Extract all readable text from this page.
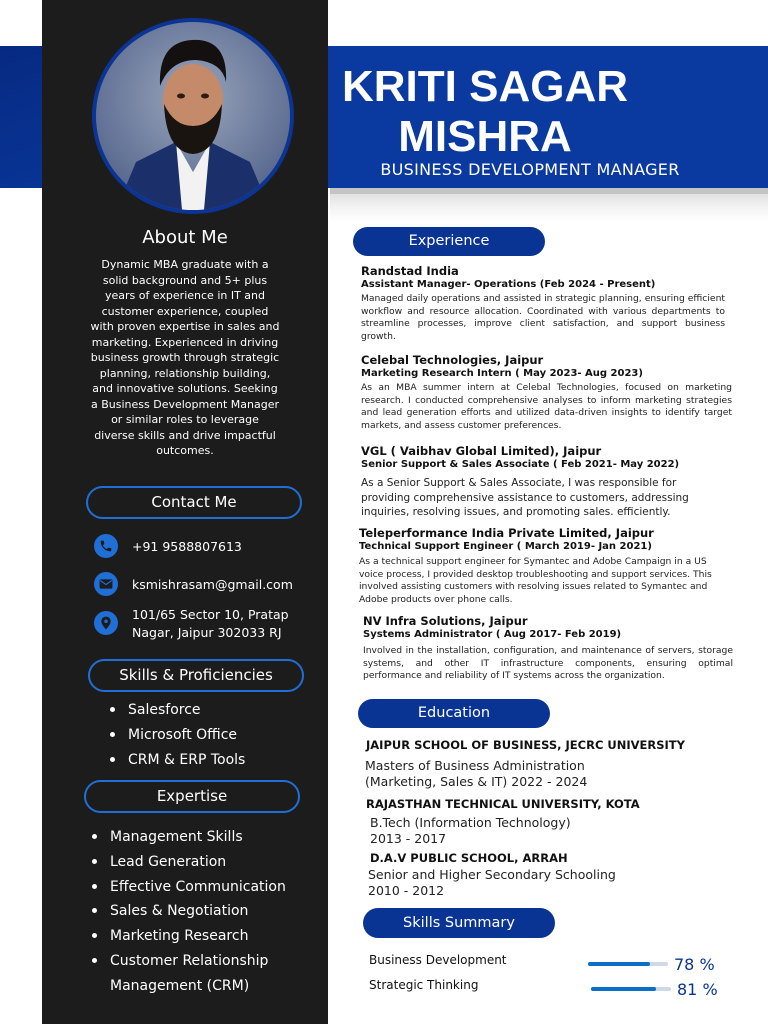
KRITI SAGAR MISHRA
BUSINESS DEVELOPMENT MANAGER
About Me
Dynamic MBA graduate with a solid background and 5+ plus years of experience in IT and customer experience, coupled with proven expertise in sales and marketing. Experienced in driving business growth through strategic planning, relationship building, and innovative solutions. Seeking a Business Development Manager or similar roles to leverage diverse skills and drive impactful outcomes.
Contact Me
+91 9588807613
ksmishrasam@gmail.com
101/65 Sector 10, Pratap
Nagar, Jaipur 302033 RJ
Skills & Proficiencies
Salesforce
Microsoft Office
CRM & ERP Tools
Expertise
Management Skills
Lead Generation
Effective Communication
Sales & Negotiation
Marketing Research
Customer Relationship
Management (CRM)
Experience
Randstad India
Assistant Manager- Operations (Feb 2024 - Present)
Managed daily operations and assisted in strategic planning, ensuring efficient workflow and resource allocation. Coordinated with various departments to streamline processes, improve client satisfaction, and support business growth.
Celebal Technologies, Jaipur
Marketing Research Intern ( May 2023- Aug 2023)
As an MBA summer intern at Celebal Technologies, focused on marketing research. I conducted comprehensive analyses to inform marketing strategies and lead generation efforts and utilized data-driven insights to identify target markets, and assess customer preferences.
VGL ( Vaibhav Global Limited), Jaipur
Senior Support & Sales Associate ( Feb 2021- May 2022)
As a Senior Support & Sales Associate, I was responsible for providing comprehensive assistance to customers, addressing inquiries, resolving issues, and promoting sales. efficiently.
Teleperformance India Private Limited, Jaipur
Technical Support Engineer ( March 2019- Jan 2021)
As a technical support engineer for Symantec and Adobe Campaign in a US voice process, I provided desktop troubleshooting and support services. This involved assisting customers with resolving issues related to Symantec and Adobe products over phone calls.
NV Infra Solutions, Jaipur
Systems Administrator ( Aug 2017- Feb 2019)
Involved in the installation, configuration, and maintenance of servers, storage systems, and other IT infrastructure components, ensuring optimal performance and reliability of IT systems across the organization.
Education
JAIPUR SCHOOL OF BUSINESS, JECRC UNIVERSITY
Masters of Business Administration
(Marketing, Sales & IT) 2022 - 2024
RAJASTHAN TECHNICAL UNIVERSITY, KOTA
B.Tech (Information Technology)
2013 - 2017
D.A.V PUBLIC SCHOOL, ARRAH
Senior and Higher Secondary Schooling
2010 - 2012
Skills Summary
Business Development	78 %
Strategic Thinking	81 %
